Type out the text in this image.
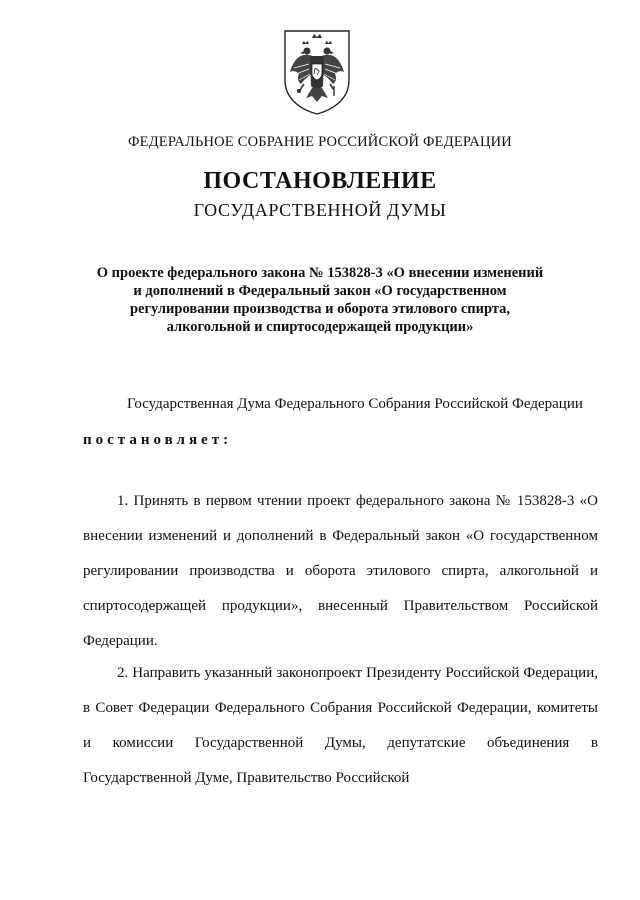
ФЕДЕРАЛЬНОЕ СОБРАНИЕ РОССИЙСКОЙ ФЕДЕРАЦИИ
ПОСТАНОВЛЕНИЕ
ГОСУДАРСТВЕННОЙ ДУМЫ
О проекте федерального закона № 153828-3 «О внесении изменений и дополнений в Федеральный закон «О государственном регулировании производства и оборота этилового спирта, алкогольной и спиртосодержащей продукции»
Государственная Дума Федерального Собрания Российской Федерации
постановляет:
1. Принять в первом чтении проект федерального закона № 153828-3 «О внесении изменений и дополнений в Федеральный закон «О государственном регулировании производства и оборота этилового спирта, алкогольной и спиртосодержащей продукции», внесенный Правительством Российской Федерации.
2. Направить указанный законопроект Президенту Российской Федерации, в Совет Федерации Федерального Собрания Российской Федерации, комитеты и комиссии Государственной Думы, депутатские объединения в Государственной Думе, Правительство Российской
